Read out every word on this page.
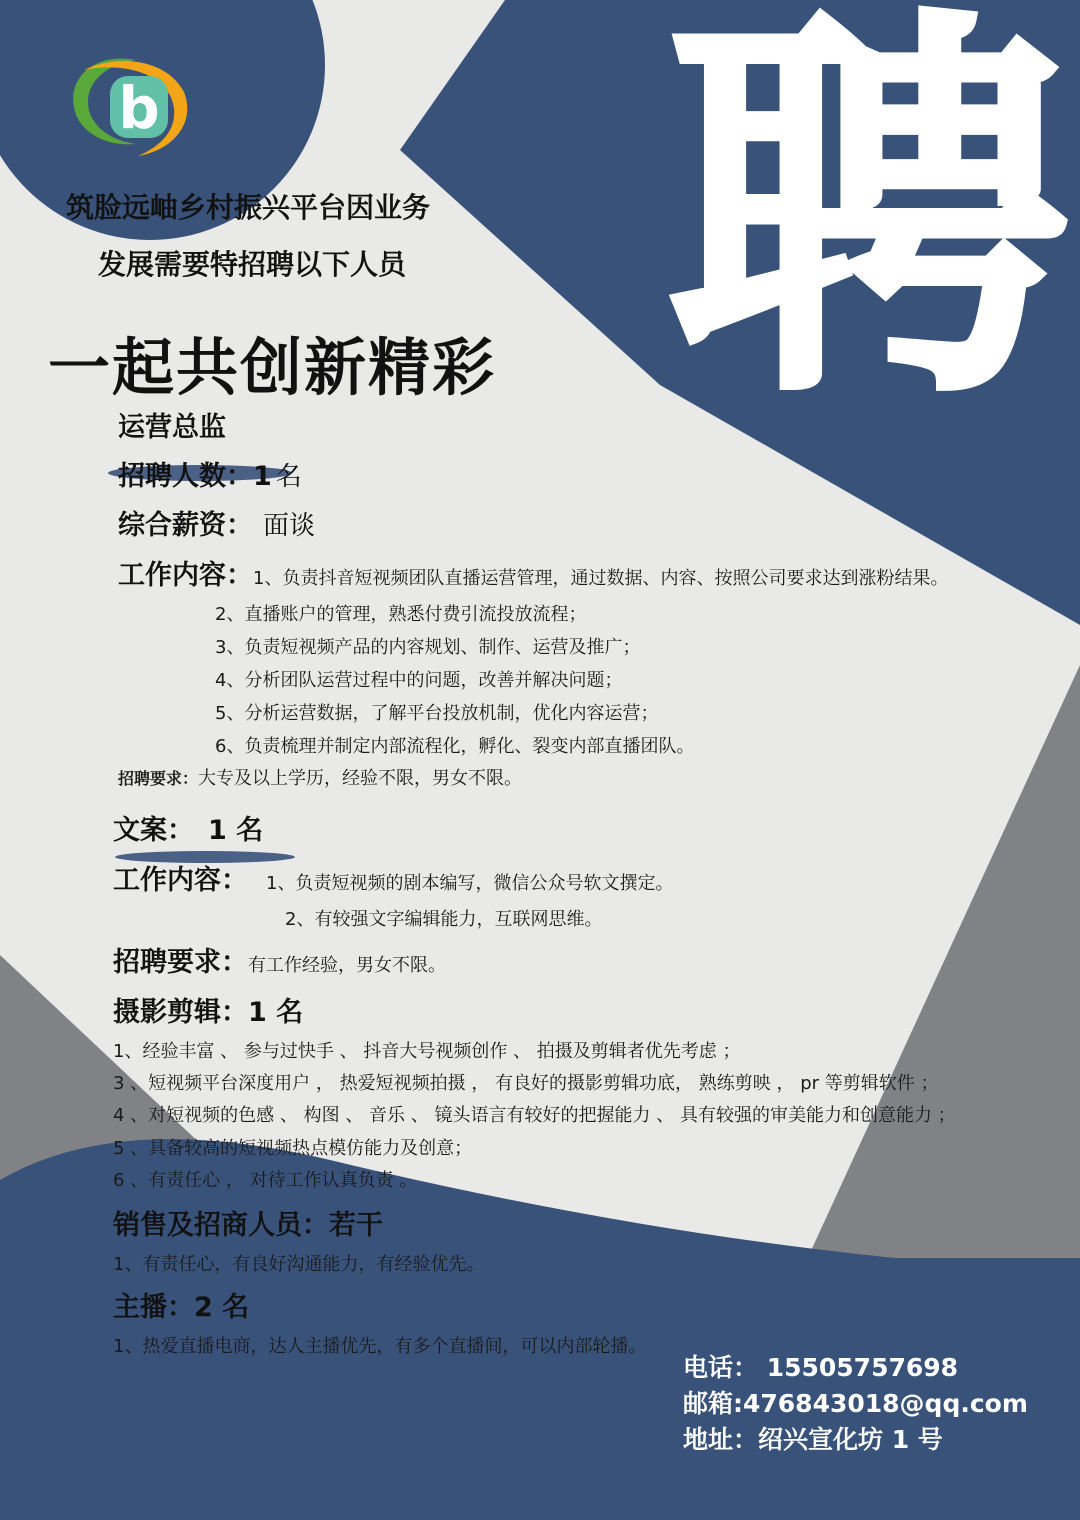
聘
b
筑脸远岫乡村振兴平台因业务
发展需要特招聘以下人员
一起共创新精彩
运营总监
招聘人数：1 名
综合薪资： 面谈
工作内容：1、负责抖音短视频团队直播运营管理，通过数据、内容、按照公司要求达到涨粉结果。
2、直播账户的管理，熟悉付费引流投放流程；
3、负责短视频产品的内容规划、制作、运营及推广；
4、分析团队运营过程中的问题，改善并解决问题；
5、分析运营数据，了解平台投放机制，优化内容运营；
6、负责梳理并制定内部流程化，孵化、裂变内部直播团队。
招聘要求：大专及以上学历，经验不限，男女不限。
文案： 1 名
工作内容： 1、负责短视频的剧本编写，微信公众号软文撰定。
2、有较强文字编辑能力，互联网思维。
招聘要求：有工作经验，男女不限。
摄影剪辑：1 名
1、经验丰富 、 参与过快手 、 抖音大号视频创作 、 拍摄及剪辑者优先考虑 ；
3 、短视频平台深度用户 ， 热爱短视频拍摄 ， 有良好的摄影剪辑功底， 熟练剪映 ， pr 等剪辑软件 ；
4 、对短视频的色感 、 构图 、 音乐 、 镜头语言有较好的把握能力 、 具有较强的审美能力和创意能力 ；
5 、具备较高的短视频热点模仿能力及创意；
6 、有责任心 ， 对待工作认真负责 。
销售及招商人员：若干
1、有责任心，有良好沟通能力，有经验优先。
主播：2 名
1、热爱直播电商，达人主播优先，有多个直播间，可以内部轮播。
电话： 15505757698
邮箱:476843018@qq.com
地址：绍兴宣化坊 1 号
